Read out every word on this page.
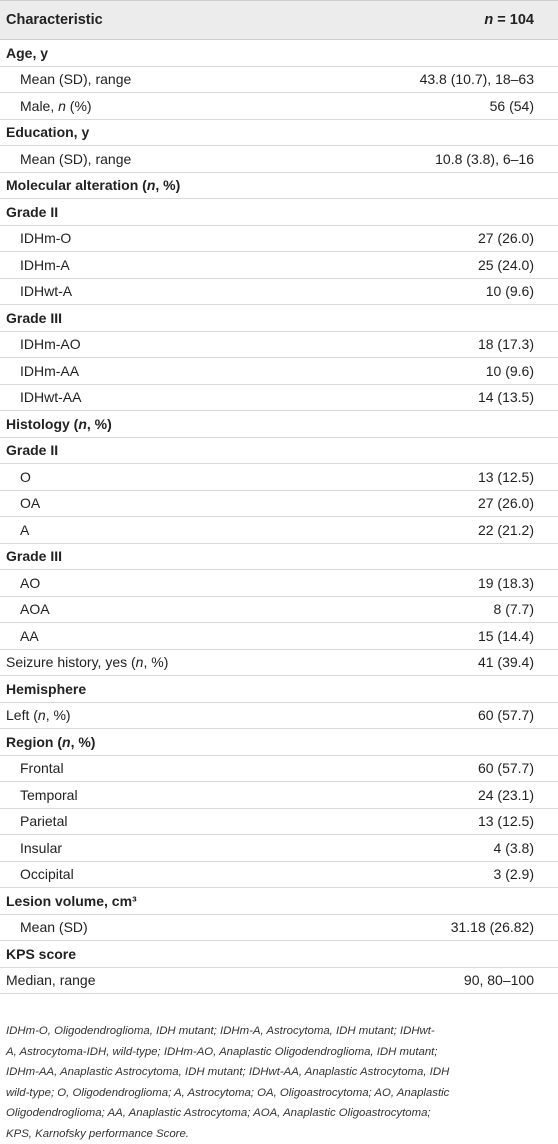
Characteristic	n = 104
Age, y
Mean (SD), range	43.8 (10.7), 18–63
Male, n (%)	56 (54)
Education, y
Mean (SD), range	10.8 (3.8), 6–16
Molecular alteration ( n , %)
Grade II
IDHm-O	27 (26.0)
IDHm-A	25 (24.0)
IDHwt-A	10 (9.6)
Grade III
IDHm-AO	18 (17.3)
IDHm-AA	10 (9.6)
IDHwt-AA	14 (13.5)
Histology ( n , %)
Grade II
O	13 (12.5)
OA	27 (26.0)
A	22 (21.2)
Grade III
AO	19 (18.3)
AOA	8 (7.7)
AA	15 (14.4)
Seizure history, yes ( n , %)	41 (39.4)
Hemisphere
Left ( n , %)	60 (57.7)
Region ( n , %)
Frontal	60 (57.7)
Temporal	24 (23.1)
Parietal	13 (12.5)
Insular	4 (3.8)
Occipital	3 (2.9)
Lesion volume, cm³
Mean (SD)	31.18 (26.82)
KPS score
Median, range	90, 80–100
IDHm-O, Oligodendroglioma, IDH mutant; IDHm-A, Astrocytoma, IDH mutant; IDHwt-
A, Astrocytoma-IDH, wild-type; IDHm-AO, Anaplastic Oligodendroglioma, IDH mutant;
IDHm-AA, Anaplastic Astrocytoma, IDH mutant; IDHwt-AA, Anaplastic Astrocytoma, IDH
wild-type; O, Oligodendroglioma; A, Astrocytoma; OA, Oligoastrocytoma; AO, Anaplastic
Oligodendroglioma; AA, Anaplastic Astrocytoma; AOA, Anaplastic Oligoastrocytoma;
KPS, Karnofsky performance Score.
